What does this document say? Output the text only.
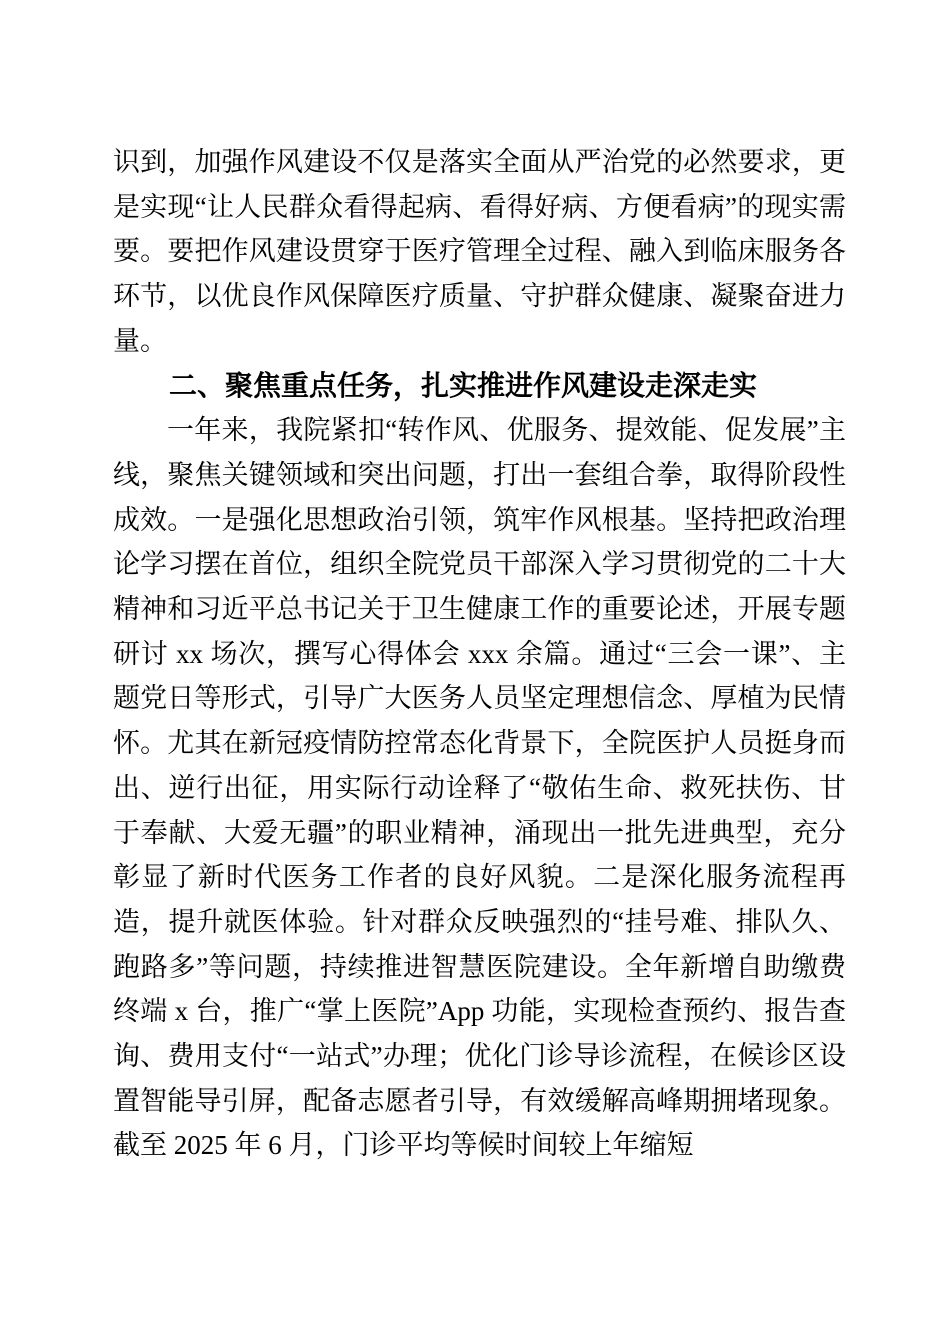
识到，加强作风建设不仅是落实全面从严治党的必然要求，更是实现“让人民群众看得起病、看得好病、方便看病”的现实需要。要把作风建设贯穿于医疗管理全过程、融入到临床服务各环节，以优良作风保障医疗质量、守护群众健康、凝聚奋进力量。

二、聚焦重点任务，扎实推进作风建设走深走实

一年来，我院紧扣“转作风、优服务、提效能、促发展”主线，聚焦关键领域和突出问题，打出一套组合拳，取得阶段性成效。一是强化思想政治引领，筑牢作风根基。坚持把政治理论学习摆在首位，组织全院党员干部深入学习贯彻党的二十大精神和习近平总书记关于卫生健康工作的重要论述，开展专题研讨 xx 场次，撰写心得体会 xxx 余篇。通过“三会一课”、主题党日等形式，引导广大医务人员坚定理想信念、厚植为民情怀。尤其在新冠疫情防控常态化背景下，全院医护人员挺身而出、逆行出征，用实际行动诠释了“敬佑生命、救死扶伤、甘于奉献、大爱无疆”的职业精神，涌现出一批先进典型，充分彰显了新时代医务工作者的良好风貌。二是深化服务流程再造，提升就医体验。针对群众反映强烈的“挂号难、排队久、跑路多”等问题，持续推进智慧医院建设。全年新增自助缴费终端 x 台，推广“掌上医院”App 功能，实现检查预约、报告查询、费用支付“一站式”办理；优化门诊导诊流程，在候诊区设置智能导引屏，配备志愿者引导，有效缓解高峰期拥堵现象。截至 2025 年 6 月，门诊平均等候时间较上年缩短
